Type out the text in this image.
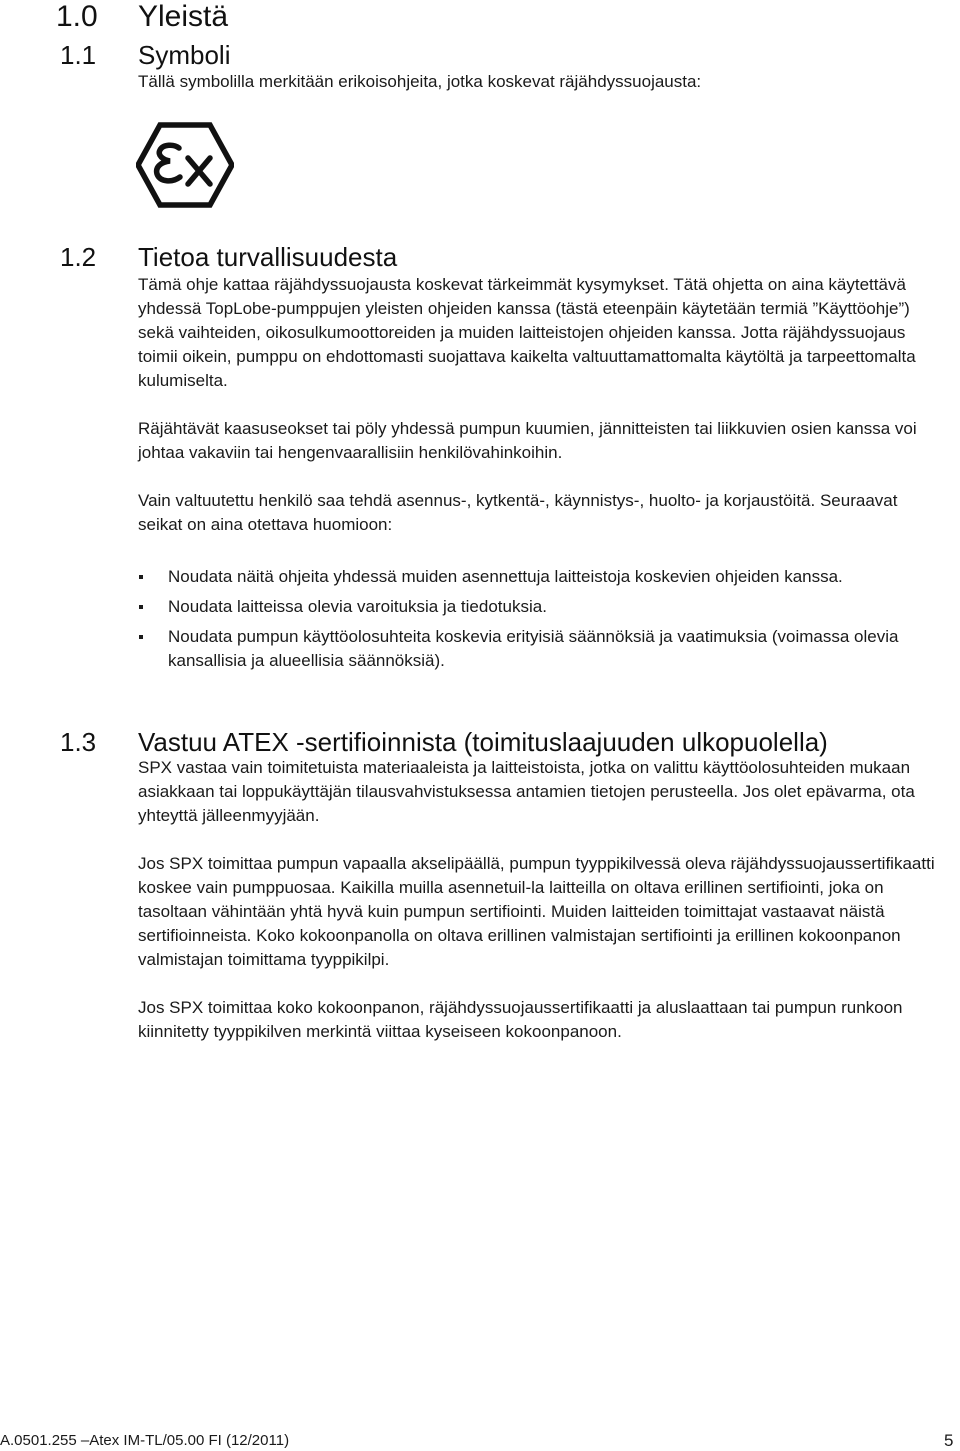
1.0 Yleistä
1.1 Symboli

Tällä symbolilla merkitään erikoisohjeita, jotka koskevat räjähdyssuojausta:

1.2 Tietoa turvallisuudesta

Tämä ohje kattaa räjähdyssuojausta koskevat tärkeimmät kysymykset. Tätä ohjetta on aina käytettävä yhdessä TopLobe-pumppujen yleisten ohjeiden kanssa (tästä eteenpäin käytetään termiä ”Käyttöohje”) sekä vaihteiden, oikosulkumoottoreiden ja muiden laitteistojen ohjeiden kanssa. Jotta räjähdyssuojaus toimii oikein, pumppu on ehdottomasti suojattava kaikelta valtuuttamattomalta käytöltä ja tarpeettomalta kulumiselta.

Räjähtävät kaasuseokset tai pöly yhdessä pumpun kuumien, jännitteisten tai liikkuvien osien kanssa voi johtaa vakaviin tai hengenvaarallisiin henkilövahinkoihin.

Vain valtuutettu henkilö saa tehdä asennus-, kytkentä-, käynnistys-, huolto- ja korjaustöitä. Seuraavat seikat on aina otettava huomioon:

Noudata näitä ohjeita yhdessä muiden asennettuja laitteistoja koskevien ohjeiden kanssa.
Noudata laitteissa olevia varoituksia ja tiedotuksia.
Noudata pumpun käyttöolosuhteita koskevia erityisiä säännöksiä ja vaatimuksia (voimassa olevia kansallisia ja alueellisia säännöksiä).
1.3 Vastuu ATEX -sertifioinnista (toimituslaajuuden ulkopuolella)

SPX vastaa vain toimitetuista materiaaleista ja laitteistoista, jotka on valittu käyttöolosuhteiden mukaan asiakkaan tai loppukäyttäjän tilausvahvistuksessa antamien tietojen perusteella. Jos olet epävarma, ota yhteyttä jälleenmyyjään.

Jos SPX toimittaa pumpun vapaalla akselipäällä, pumpun tyyppikilvessä oleva räjähdyssuojaussertifikaatti koskee vain pumppuosaa. Kaikilla muilla asennetuil-la laitteilla on oltava erillinen sertifiointi, joka on tasoltaan vähintään yhtä hyvä kuin pumpun sertifiointi. Muiden laitteiden toimittajat vastaavat näistä sertifioinneista. Koko kokoonpanolla on oltava erillinen valmistajan sertifiointi ja erillinen kokoonpanon valmistajan toimittama tyyppikilpi.

Jos SPX toimittaa koko kokoonpanon, räjähdyssuojaussertifikaatti ja aluslaattaan tai pumpun runkoon kiinnitetty tyyppikilven merkintä viittaa kyseiseen kokoonpanoon.

A.0501.255 –Atex IM-TL/05.00 FI (12/2011)	5
